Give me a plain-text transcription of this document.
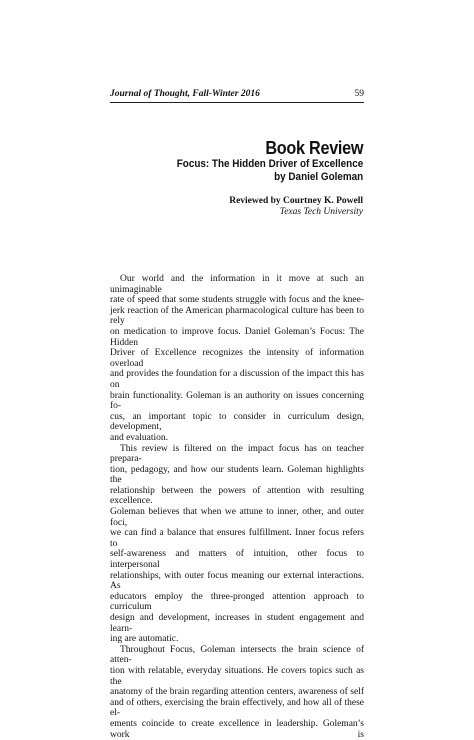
Journal of Thought, Fall-Winter 2016	59
Book Review
Focus: The Hidden Driver of Excellence
by Daniel Goleman
Reviewed by Courtney K. Powell
Texas Tech University
Our world and the information in it move at such an unimaginable
rate of speed that some students struggle with focus and the knee-
jerk reaction of the American pharmacological culture has been to rely
on medication to improve focus. Daniel Goleman’s Focus: The Hidden
Driver of Excellence recognizes the intensity of information overload
and provides the foundation for a discussion of the impact this has on
brain functionality. Goleman is an authority on issues concerning fo-
cus, an important topic to consider in curriculum design, development,
and evaluation.
This review is filtered on the impact focus has on teacher prepara-
tion, pedagogy, and how our students learn. Goleman highlights the
relationship between the powers of attention with resulting excellence.
Goleman believes that when we attune to inner, other, and outer foci,
we can find a balance that ensures fulfillment. Inner focus refers to
self-awareness and matters of intuition, other focus to interpersonal
relationships, with outer focus meaning our external interactions. As
educators employ the three-pronged attention approach to curriculum
design and development, increases in student engagement and learn-
ing are automatic.
Throughout Focus, Goleman intersects the brain science of atten-
tion with relatable, everyday situations. He covers topics such as the
anatomy of the brain regarding attention centers, awareness of self
and of others, exercising the brain effectively, and how all of these el-
ements coincide to create excellence in leadership. Goleman’s work is
